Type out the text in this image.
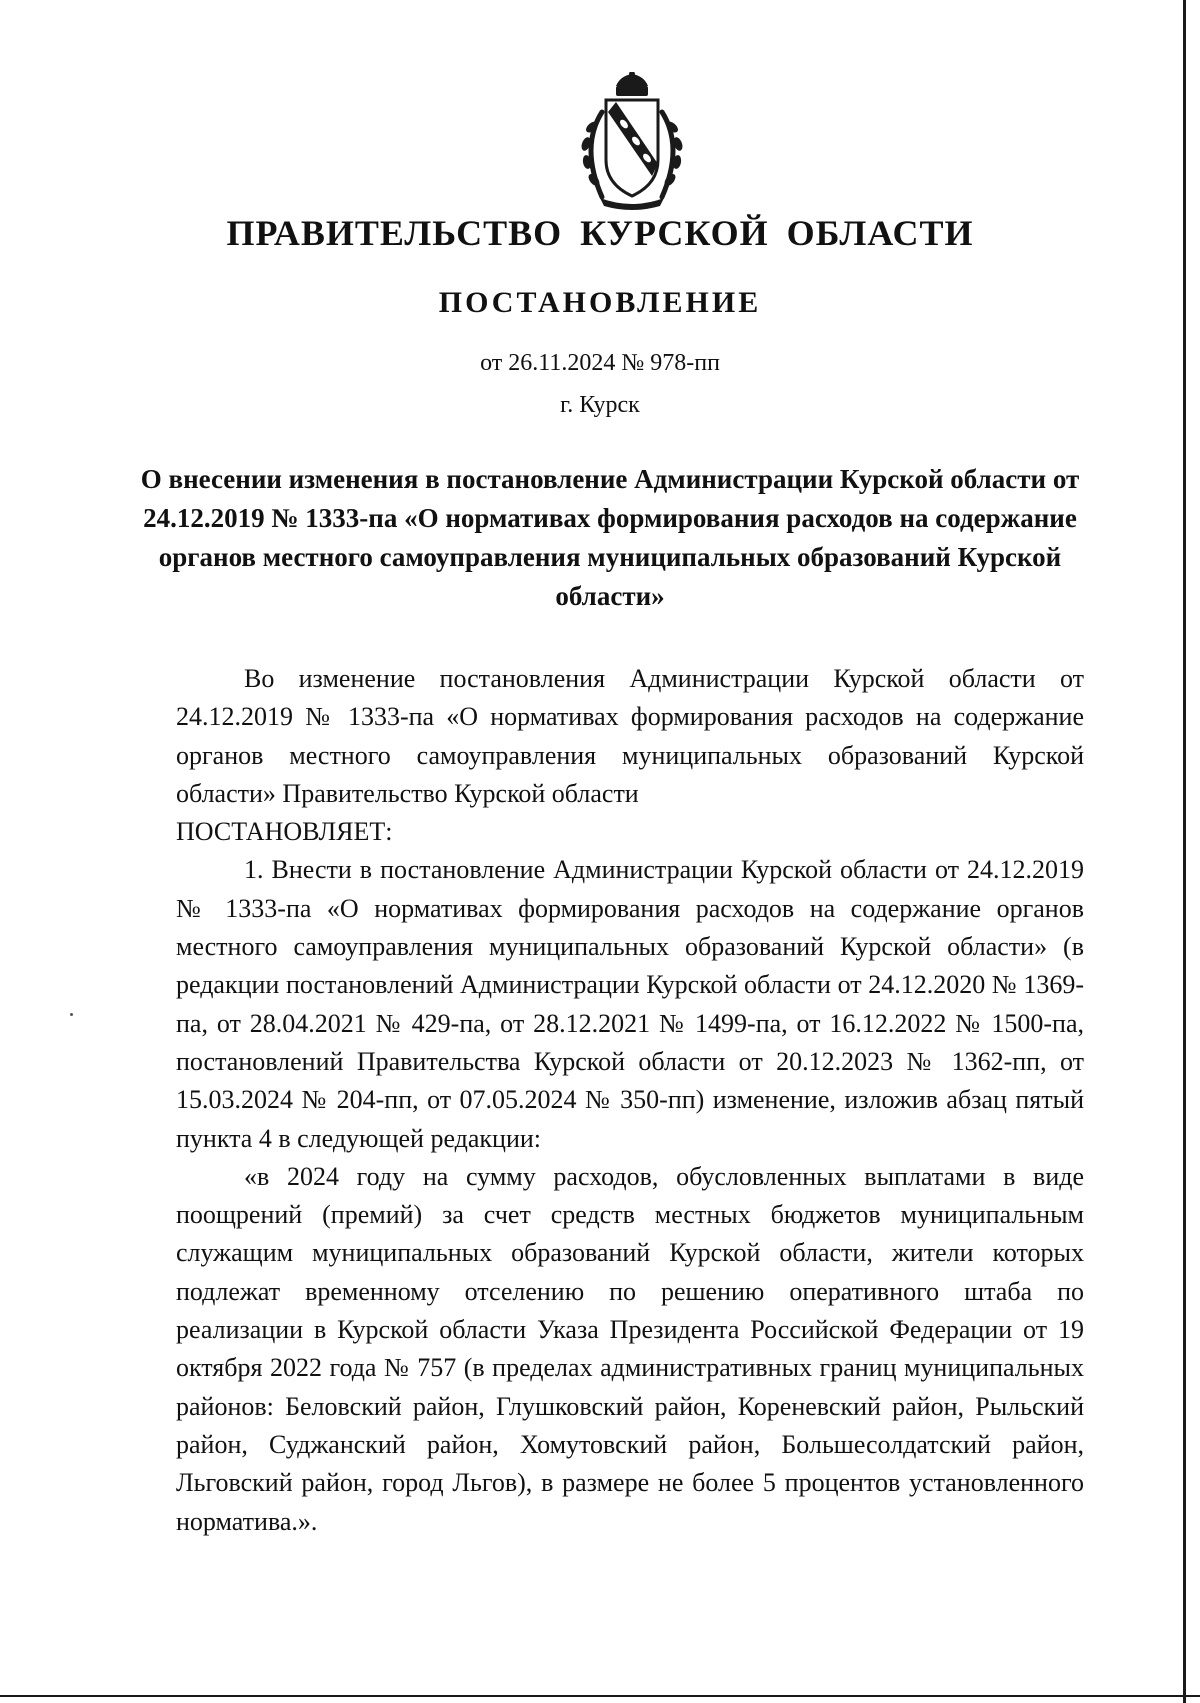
ПРАВИТЕЛЬСТВО КУРСКОЙ ОБЛАСТИ
ПОСТАНОВЛЕНИЕ

от 26.11.2024 № 978-пп

г. Курск

О внесении изменения в постановление Администрации Курской области от 24.12.2019 № 1333-па «О нормативах формирования расходов на содержание органов местного самоуправления муниципальных образований Курской области»

Во изменение постановления Администрации Курской области от 24.12.2019 № 1333-па «О нормативах формирования расходов на содержание органов местного самоуправления муниципальных образований Курской области» Правительство Курской области

ПОСТАНОВЛЯЕТ:

1. Внести в постановление Администрации Курской области от 24.12.2019 № 1333-па «О нормативах формирования расходов на содержание органов местного самоуправления муниципальных образований Курской области» (в редакции постановлений Администрации Курской области от 24.12.2020 № 1369-па, от 28.04.2021 № 429-па, от 28.12.2021 № 1499-па, от 16.12.2022 № 1500-па, постановлений Правительства Курской области от 20.12.2023 № 1362-пп, от 15.03.2024 № 204-пп, от 07.05.2024 № 350-пп) изменение, изложив абзац пятый пункта 4 в следующей редакции:

«в 2024 году на сумму расходов, обусловленных выплатами в виде поощрений (премий) за счет средств местных бюджетов муниципальным служащим муниципальных образований Курской области, жители которых подлежат временному отселению по решению оперативного штаба по реализации в Курской области Указа Президента Российской Федерации от 19 октября 2022 года № 757 (в пределах административных границ муниципальных районов: Беловский район, Глушковский район, Кореневский район, Рыльский район, Суджанский район, Хомутовский район, Большесолдатский район, Льговский район, город Льгов), в размере не более 5 процентов установленного норматива.».
